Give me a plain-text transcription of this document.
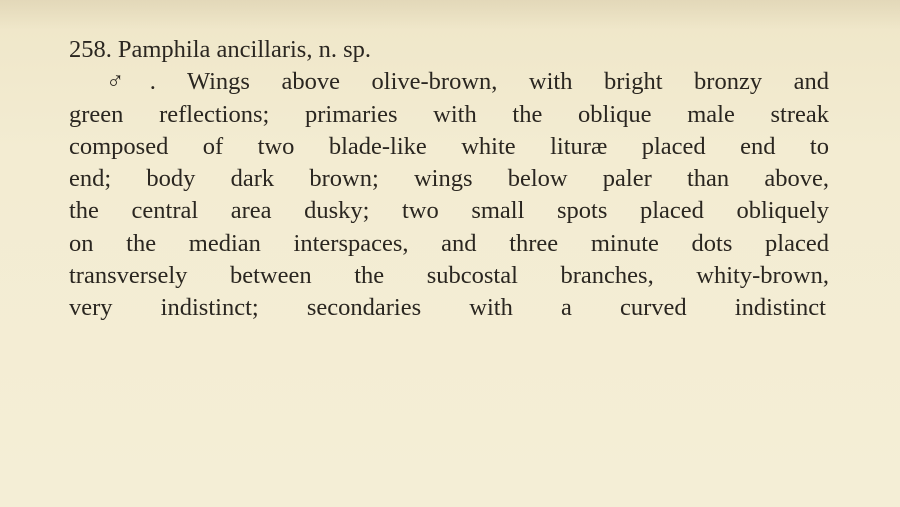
258. Pamphila ancillaris, n. sp.
♂. Wings above olive-brown, with bright bronzy and
green reflections; primaries with the oblique male streak
composed of two blade-like white lituræ placed end to
end; body dark brown; wings below paler than above,
the central area dusky; two small spots placed obliquely
on the median interspaces, and three minute dots placed
transversely between the subcostal branches, whity-brown,
very indistinct; secondaries with a curved indistinct
